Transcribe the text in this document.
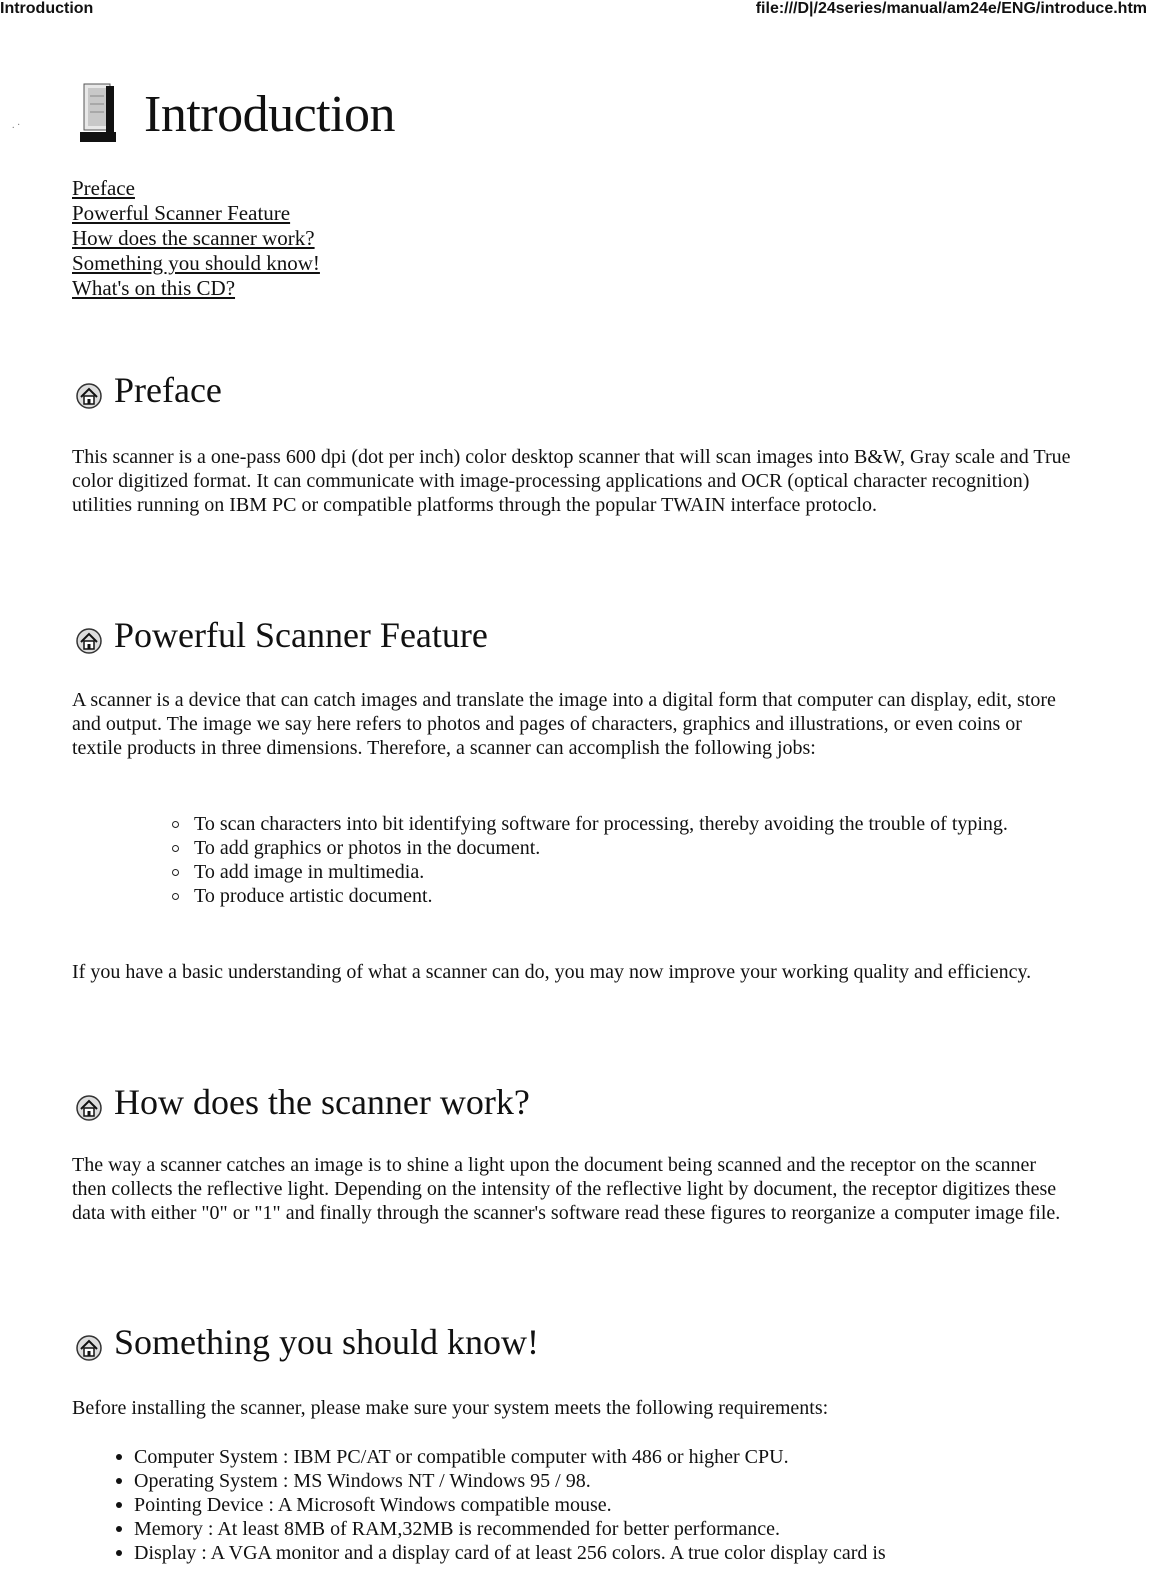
Introduction	file:///D|/24series/manual/am24e/ENG/introduce.htm
. · Introduction
Preface
Powerful Scanner Feature
How does the scanner work?
Something you should know!
What's on this CD?
Preface

This scanner is a one-pass 600 dpi (dot per inch) color desktop scanner that will scan images into B&W, Gray scale and True color digitized format. It can communicate with image-processing applications and OCR (optical character recognition) utilities running on IBM PC or compatible platforms through the popular TWAIN interface protoclo.

Powerful Scanner Feature

A scanner is a device that can catch images and translate the image into a digital form that computer can display, edit, store and output. The image we say here refers to photos and pages of characters, graphics and illustrations, or even coins or textile products in three dimensions. Therefore, a scanner can accomplish the following jobs:

To scan characters into bit identifying software for processing, thereby avoiding the trouble of typing.
To add graphics or photos in the document.
To add image in multimedia.
To produce artistic document.

If you have a basic understanding of what a scanner can do, you may now improve your working quality and efficiency.

How does the scanner work?

The way a scanner catches an image is to shine a light upon the document being scanned and the receptor on the scanner then collects the reflective light. Depending on the intensity of the reflective light by document, the receptor digitizes these data with either "0" or "1" and finally through the scanner's software read these figures to reorganize a computer image file.

Something you should know!

Before installing the scanner, please make sure your system meets the following requirements:

Computer System : IBM PC/AT or compatible computer with 486 or higher CPU.
Operating System : MS Windows NT / Windows 95 / 98.
Pointing Device : A Microsoft Windows compatible mouse.
Memory : At least 8MB of RAM,32MB is recommended for better performance.
Display : A VGA monitor and a display card of at least 256 colors. A true color display card is
